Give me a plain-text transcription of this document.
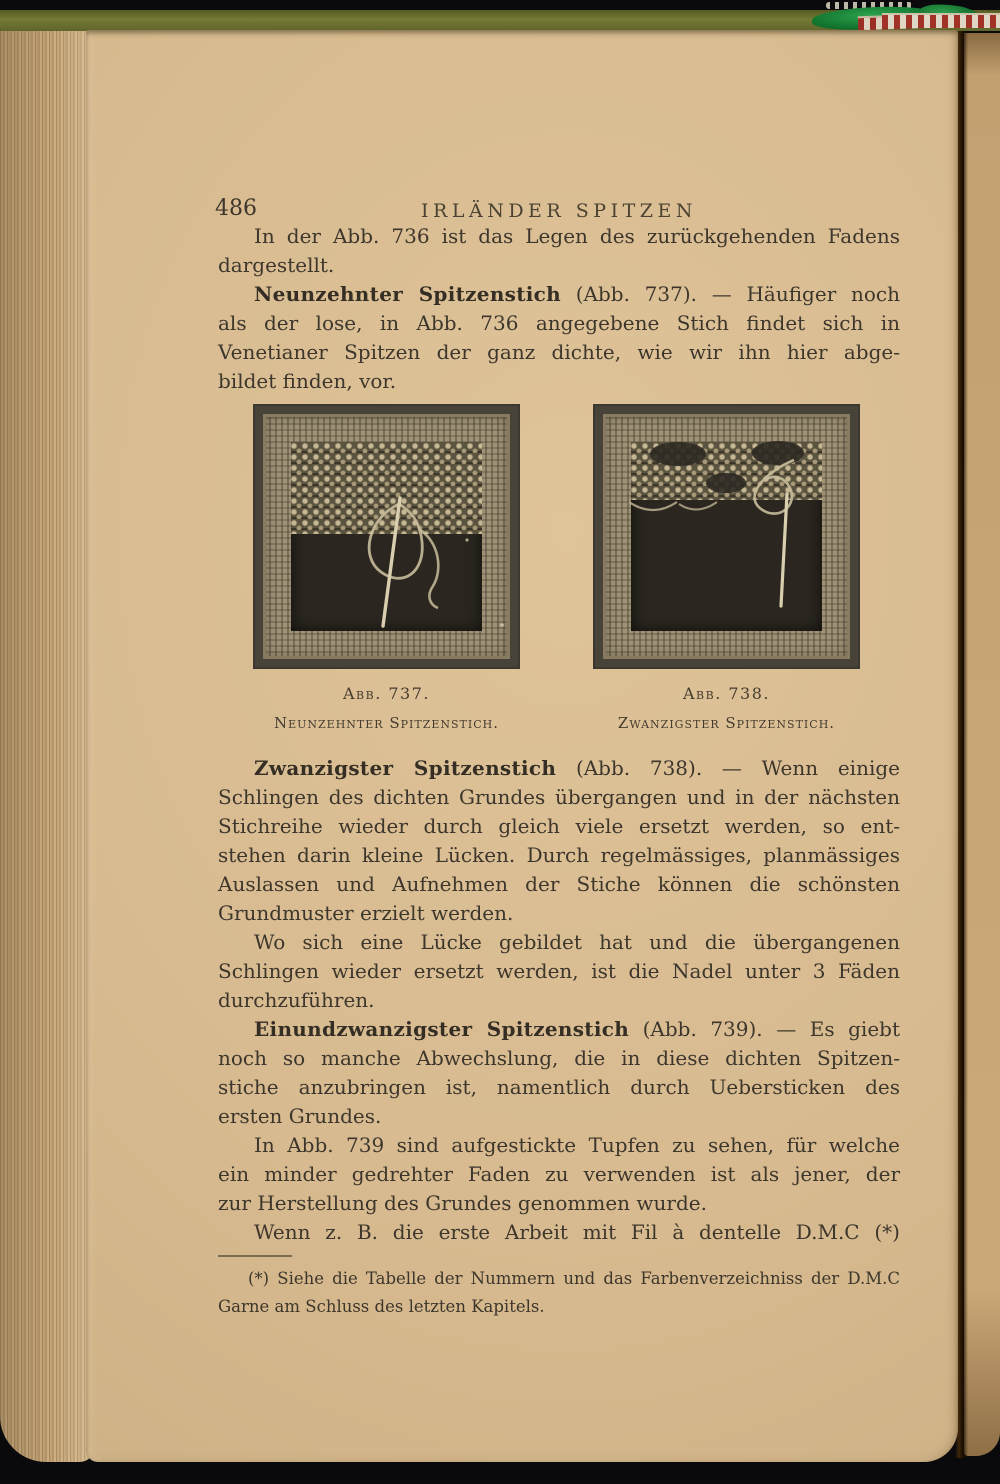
486	IRLÄNDER SPITZEN
In der Abb. 736 ist das Legen des zurückgehenden Fadens
dargestellt.
Neunzehnter Spitzenstich (Abb. 737). — Häufiger noch
als der lose, in Abb. 736 angegebene Stich findet sich in
Venetianer Spitzen der ganz dichte, wie wir ihn hier abge-
bildet finden, vor.
Abb. 737.
Neunzehnter Spitzenstich.
Abb. 738.
Zwanzigster Spitzenstich.
Zwanzigster Spitzenstich (Abb. 738). — Wenn einige
Schlingen des dichten Grundes übergangen und in der nächsten
Stichreihe wieder durch gleich viele ersetzt werden, so ent-
stehen darin kleine Lücken. Durch regelmässiges, planmässiges
Auslassen und Aufnehmen der Stiche können die schönsten
Grundmuster erzielt werden.
Wo sich eine Lücke gebildet hat und die übergangenen
Schlingen wieder ersetzt werden, ist die Nadel unter 3 Fäden
durchzuführen.
Einundzwanzigster Spitzenstich (Abb. 739). — Es giebt
noch so manche Abwechslung, die in diese dichten Spitzen-
stiche anzubringen ist, namentlich durch Uebersticken des
ersten Grundes.
In Abb. 739 sind aufgestickte Tupfen zu sehen, für welche
ein minder gedrehter Faden zu verwenden ist als jener, der
zur Herstellung des Grundes genommen wurde.
Wenn z. B. die erste Arbeit mit Fil à dentelle D.M.C (*)
(*) Siehe die Tabelle der Nummern und das Farbenverzeichniss der D.M.C
Garne am Schluss des letzten Kapitels.
